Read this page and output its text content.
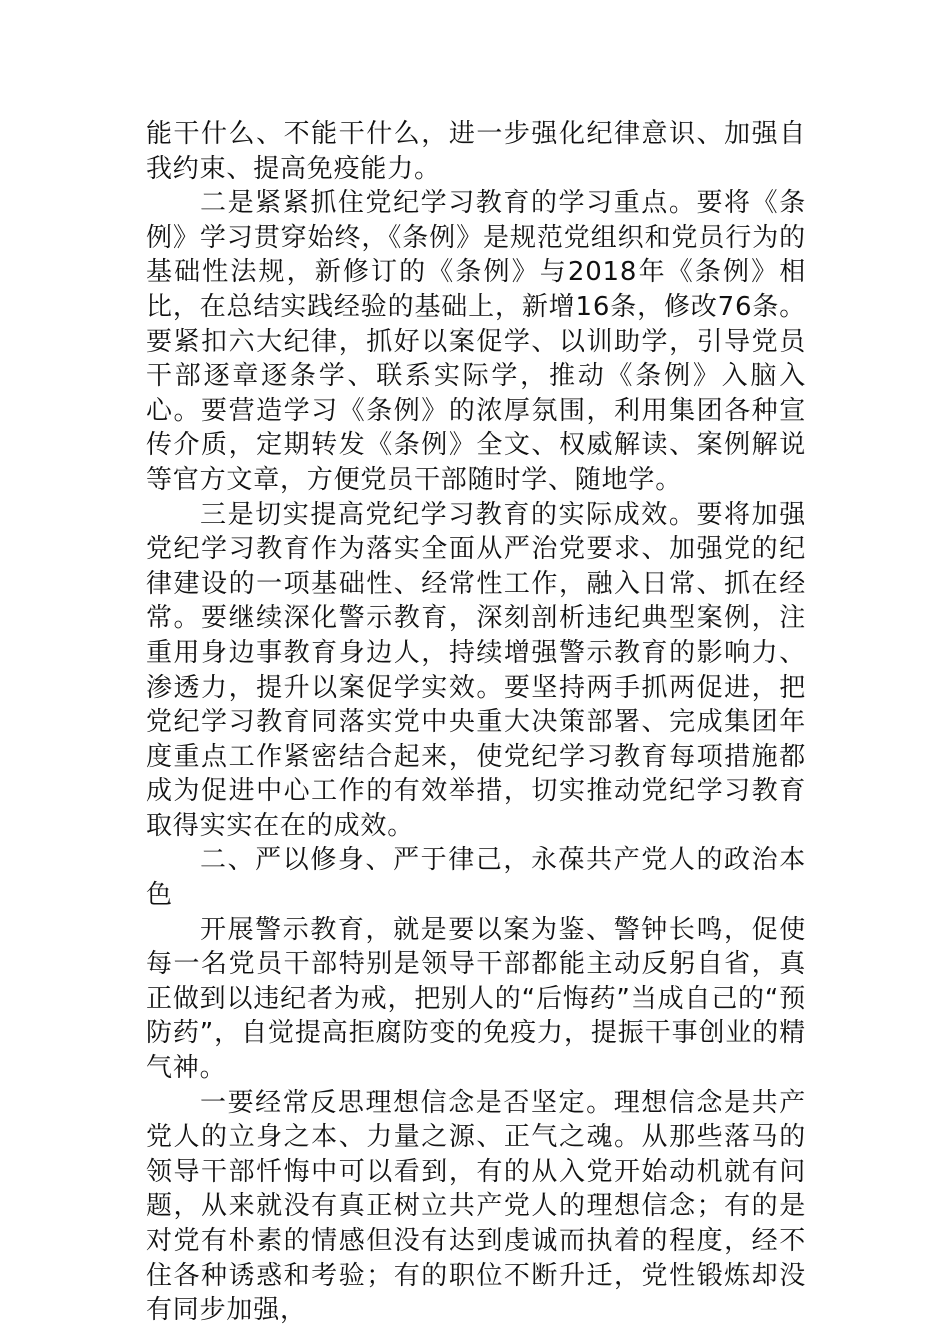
能干什么、不能干什么，进一步强化纪律意识、加强自我约束、提高免疫能力。

二是紧紧抓住党纪学习教育的学习重点。要将《条例》学习贯穿始终，《条例》是规范党组织和党员行为的基础性法规，新修订的《条例》与2018年《条例》相比，在总结实践经验的基础上，新增16条，修改76条。要紧扣六大纪律，抓好以案促学、以训助学，引导党员干部逐章逐条学、联系实际学，推动《条例》入脑入心。要营造学习《条例》的浓厚氛围，利用集团各种宣传介质，定期转发《条例》全文、权威解读、案例解说等官方文章，方便党员干部随时学、随地学。

三是切实提高党纪学习教育的实际成效。要将加强党纪学习教育作为落实全面从严治党要求、加强党的纪律建设的一项基础性、经常性工作，融入日常、抓在经常。要继续深化警示教育，深刻剖析违纪典型案例，注重用身边事教育身边人，持续增强警示教育的影响力、渗透力，提升以案促学实效。要坚持两手抓两促进，把党纪学习教育同落实党中央重大决策部署、完成集团年度重点工作紧密结合起来，使党纪学习教育每项措施都成为促进中心工作的有效举措，切实推动党纪学习教育取得实实在在的成效。

二、严以修身、严于律己，永葆共产党人的政治本色

开展警示教育，就是要以案为鉴、警钟长鸣，促使每一名党员干部特别是领导干部都能主动反躬自省，真正做到以违纪者为戒，把别人的“后悔药”当成自己的“预防药”，自觉提高拒腐防变的免疫力，提振干事创业的精气神。

一要经常反思理想信念是否坚定。理想信念是共产党人的立身之本、力量之源、正气之魂。从那些落马的领导干部忏悔中可以看到，有的从入党开始动机就有问题，从来就没有真正树立共产党人的理想信念；有的是对党有朴素的情感但没有达到虔诚而执着的程度，经不住各种诱惑和考验；有的职位不断升迁，党性锻炼却没有同步加强，
